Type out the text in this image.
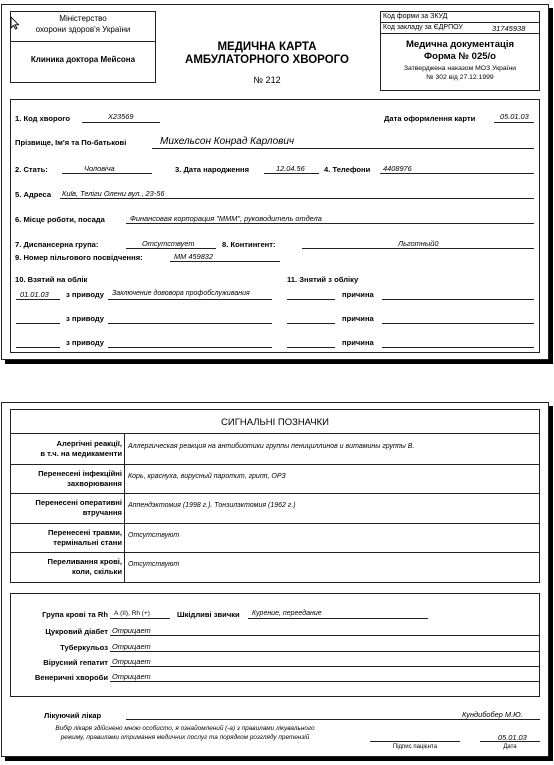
Міністерство
охорони здоров'я України
Клиника доктора Мейсона
МЕДИЧНА КАРТА
АМБУЛАТОРНОГО ХВОРОГО
№ 212
Код форми за ЗКУД
Код закладу за ЄДРПОУ	31745938
Медична документація
Форма № 025/о
Затверджена наказом МОЗ України
№ 302 від 27.12.1999
1. Код хворого	Х23569	Дата оформлення карти	05.01.03
Прізвище, Ім'я та По-батькові	Михельсон Конрад Карлович
2. Стать:	Чоловіча	3. Дата народження	12.04.56	4. Телефони 4408976
5. Адреса Київ, Теліги Олени вул., 23-56
6. Місце роботи, посада	Финансовая корпорация "МММ", руководитель отдела
7. Диспансерна група:	Отсутствует	8. Контингент:	Льготный0
9. Номер пільгового посвідчення:	ММ 459832
10. Взятий на облік	11. Знятий з обліку
01.01.03 з приводу Заключение дововора профобслуживания	причина
з приводу	причина
з приводу	причина
СИГНАЛЬНІ ПОЗНАЧКИ
Алергічні реакції,
в т.ч. на медикаменти
Аллергическая реакция на антибиотики группы пенициллинов и витамины группы В.
Перенесені інфекційні
захворювання
Корь, краснуха, вирусный паротит, грипп, ОРЗ
Перенесені оперативні
втручання
Аппендэктомия (1998 г.). Тонзилэктомия (1962 г.)
Перенесені травми,
термінальні стани
Отсутствуют
Переливання крові,
коли, скільки
Отсутствуют
Група крові та Rh А (ІІ), Rh (+)	Шкідливі звички Курение, переедание
Цукровий діабет Отрицает
Туберкульоз Отрицает
Вірусний гепатит Отрицает
Венеричні хвороби Отрицает
Лікуючий лікар	Кундибобер М.Ю.
Вибір лікаря здійснено мною особисто, я ознайомлений (-а) з правилами лікувального
режиму, правилами отримання медичних послуг та порядком розгляду претензій	05.01.03
Підпис пацієнта	Дата
